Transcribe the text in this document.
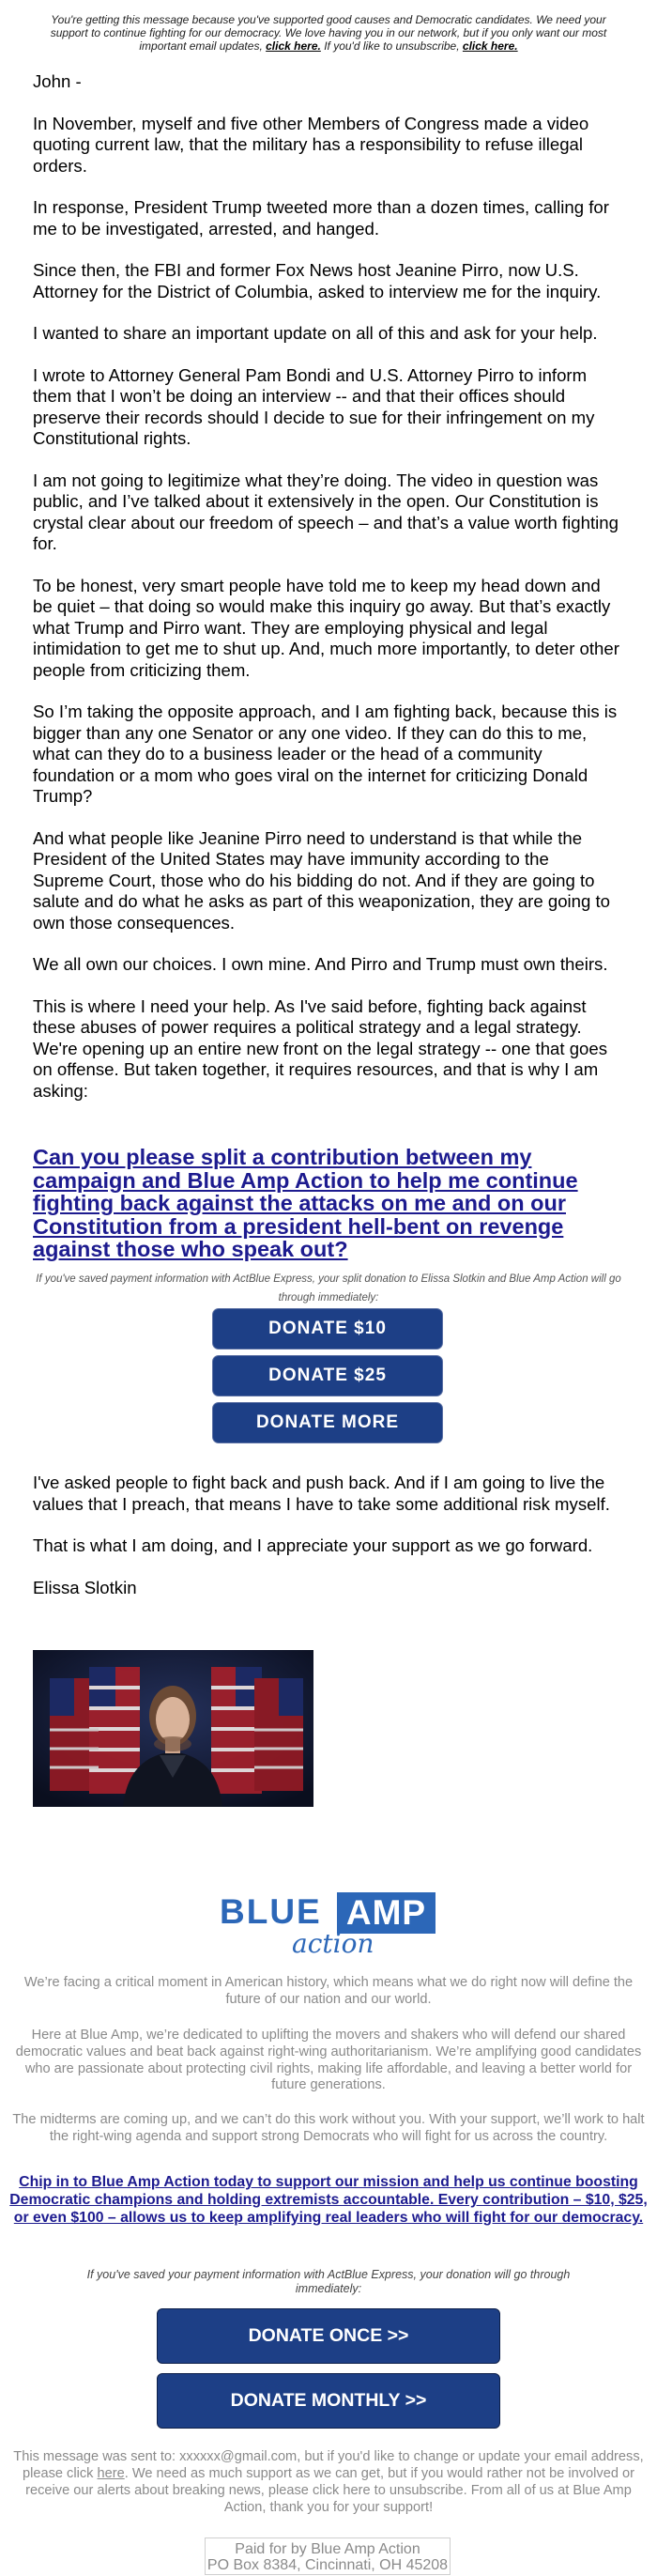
You're getting this message because you've supported good causes and Democratic candidates. We need your support to continue fighting for our democracy. We love having you in our network, but if you only want our most important email updates, click here. If you'd like to unsubscribe, click here.

John -

In November, myself and five other Members of Congress made a video quoting current law, that the military has a responsibility to refuse illegal orders.

In response, President Trump tweeted more than a dozen times, calling for me to be investigated, arrested, and hanged.

Since then, the FBI and former Fox News host Jeanine Pirro, now U.S. Attorney for the District of Columbia, asked to interview me for the inquiry.

I wanted to share an important update on all of this and ask for your help.

I wrote to Attorney General Pam Bondi and U.S. Attorney Pirro to inform them that I won’t be doing an interview -- and that their offices should preserve their records should I decide to sue for their infringement on my Constitutional rights.

I am not going to legitimize what they’re doing. The video in question was public, and I’ve talked about it extensively in the open. Our Constitution is crystal clear about our freedom of speech – and that’s a value worth fighting for.

To be honest, very smart people have told me to keep my head down and be quiet – that doing so would make this inquiry go away. But that’s exactly what Trump and Pirro want. They are employing physical and legal intimidation to get me to shut up. And, much more importantly, to deter other people from criticizing them.

So I’m taking the opposite approach, and I am fighting back, because this is bigger than any one Senator or any one video. If they can do this to me, what can they do to a business leader or the head of a community foundation or a mom who goes viral on the internet for criticizing Donald Trump?

And what people like Jeanine Pirro need to understand is that while the President of the United States may have immunity according to the Supreme Court, those who do his bidding do not. And if they are going to salute and do what he asks as part of this weaponization, they are going to own those consequences.

We all own our choices. I own mine. And Pirro and Trump must own theirs.

This is where I need your help. As I've said before, fighting back against these abuses of power requires a political strategy and a legal strategy. We're opening up an entire new front on the legal strategy -- one that goes on offense. But taken together, it requires resources, and that is why I am asking:

Can you please split a contribution between my campaign and Blue Amp Action to help me continue fighting back against the attacks on me and on our Constitution from a president hell-bent on revenge against those who speak out?
If you've saved payment information with ActBlue Express, your split donation to Elissa Slotkin and Blue Amp Action will go through immediately:
DONATE $10
DONATE $25
DONATE MORE

I've asked people to fight back and push back. And if I am going to live the values that I preach, that means I have to take some additional risk myself.

That is what I am doing, and I appreciate your support as we go forward.

Elissa Slotkin

BLUE AMP
action
We’re facing a critical moment in American history, which means what we do right now will define the future of our nation and our world.
Here at Blue Amp, we’re dedicated to uplifting the movers and shakers who will defend our shared democratic values and beat back against right-wing authoritarianism. We’re amplifying good candidates who are passionate about protecting civil rights, making life affordable, and leaving a better world for future generations.
The midterms are coming up, and we can’t do this work without you. With your support, we’ll work to halt the right-wing agenda and support strong Democrats who will fight for us across the country.
Chip in to Blue Amp Action today to support our mission and help us continue boosting Democratic champions and holding extremists accountable. Every contribution – $10, $25, or even $100 – allows us to keep amplifying real leaders who will fight for our democracy.
If you've saved your payment information with ActBlue Express, your donation will go through immediately:
DONATE ONCE >>
DONATE MONTHLY >>
This message was sent to: xxxxxx@gmail.com, but if you'd like to change or update your email address, please click here. We need as much support as we can get, but if you would rather not be involved or receive our alerts about breaking news, please click here to unsubscribe. From all of us at Blue Amp Action, thank you for your support!
Paid for by Blue Amp Action
PO Box 8384, Cincinnati, OH 45208
